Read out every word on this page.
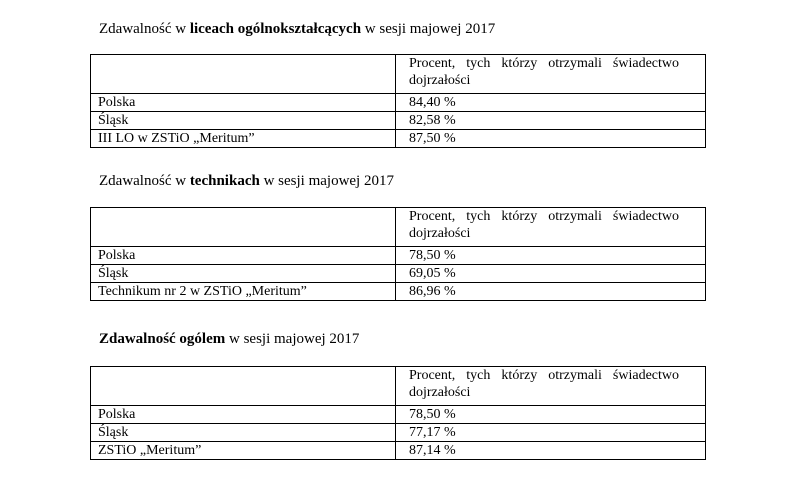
Zdawalność w liceach ogólnokształcących w sesji majowej 2017
	Procent, tych którzy otrzymali świadectwo dojrzałości
Polska	84,40 %
Śląsk	82,58 %
III LO w ZSTiO „Meritum”	87,50 %
Zdawalność w technikach w sesji majowej 2017
	Procent, tych którzy otrzymali świadectwo dojrzałości
Polska	78,50 %
Śląsk	69,05 %
Technikum nr 2 w ZSTiO „Meritum”	86,96 %
Zdawalność ogólem w sesji majowej 2017
	Procent, tych którzy otrzymali świadectwo dojrzałości
Polska	78,50 %
Śląsk	77,17 %
ZSTiO „Meritum”	87,14 %
